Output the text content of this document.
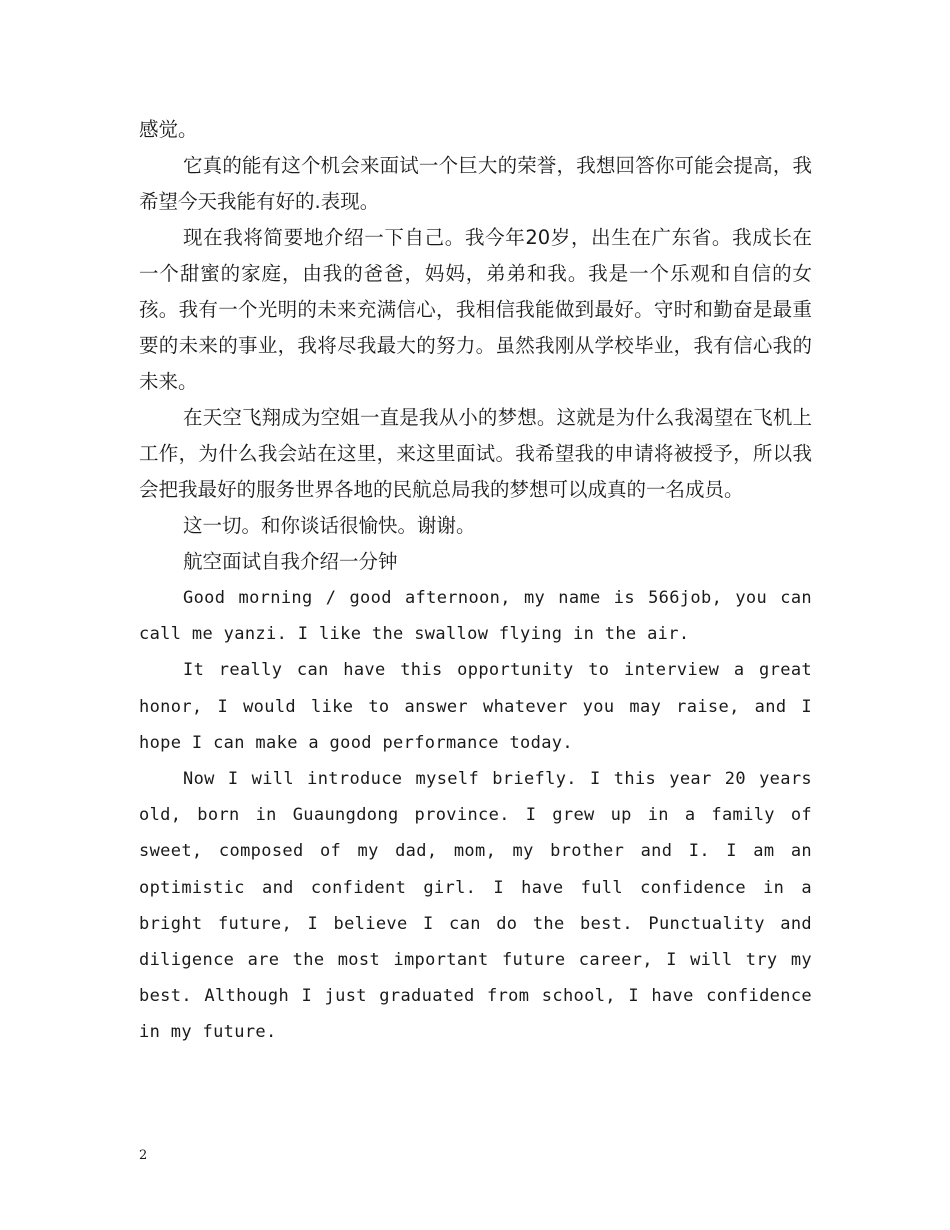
感觉。

它真的能有这个机会来面试一个巨大的荣誉，我想回答你可能会提高，我希望今天我能有好的.表现。

现在我将简要地介绍一下自己。我今年20岁，出生在广东省。我成长在一个甜蜜的家庭，由我的爸爸，妈妈，弟弟和我。我是一个乐观和自信的女孩。我有一个光明的未来充满信心，我相信我能做到最好。守时和勤奋是最重要的未来的事业，我将尽我最大的努力。虽然我刚从学校毕业，我有信心我的未来。

在天空飞翔成为空姐一直是我从小的梦想。这就是为什么我渴望在飞机上工作，为什么我会站在这里，来这里面试。我希望我的申请将被授予，所以我会把我最好的服务世界各地的民航总局我的梦想可以成真的一名成员。

这一切。和你谈话很愉快。谢谢。

航空面试自我介绍一分钟

Good morning / good afternoon, my name is 566job, you can call me yanzi. I like the swallow flying in the air.

It really can have this opportunity to interview a great honor, I would like to answer whatever you may raise, and I hope I can make a good performance today.

Now I will introduce myself briefly. I this year 20 years old, born in Guaungdong province. I grew up in a family of sweet, composed of my dad, mom, my brother and I. I am an optimistic and confident girl. I have full confidence in a bright future, I believe I can do the best. Punctuality and diligence are the most important future career, I will try my best. Although I just graduated from school, I have confidence in my future.

2
